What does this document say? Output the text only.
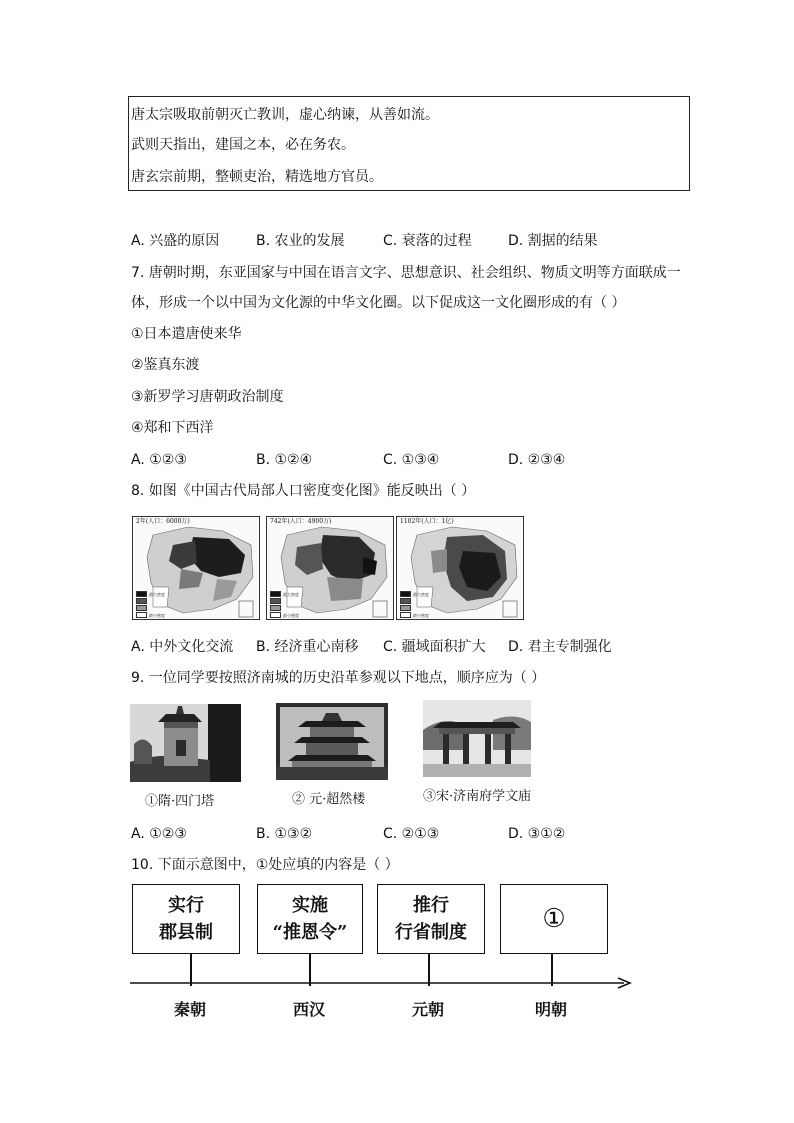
唐太宗吸取前朝灭亡教训，虚心纳谏，从善如流。
武则天指出，建国之本，必在务农。
唐玄宗前期，整顿吏治，精选地方官员。
A. 兴盛的原因	B. 农业的发展	C. 衰落的过程	D. 割据的结果
7. 唐朝时期，东亚国家与中国在语言文字、思想意识、社会组织、物质文明等方面联成一
体，形成一个以中国为文化源的中华文化圈。以下促成这一文化圈形成的有（ ）
①日本遣唐使来华
②鉴真东渡
③新罗学习唐朝政治制度
④郑和下西洋
A. ①②③	B. ①②④	C. ①③④	D. ②③④
8. 如图《中国古代局部人口密度变化图》能反映出（ ）
2年(人口：6000万)
最大密度
最小密度
742年(人口：4900万)
最大密度
最小密度
1102年(人口：1亿)
最大密度
最小密度
A. 中外文化交流 B. 经济重心南移 C. 疆域面积扩大 D. 君主专制强化
9. 一位同学要按照济南城的历史沿革参观以下地点，顺序应为（ ）
①隋·四门塔	② 元·超然楼	③宋·济南府学文庙
A. ①②③	B. ①③②	C. ②①③	D. ③①②
10. 下面示意图中，①处应填的内容是（ ）
实行
郡县制
实施
“推恩令”
推行
行省制度	①
秦朝	西汉	元朝	明朝
